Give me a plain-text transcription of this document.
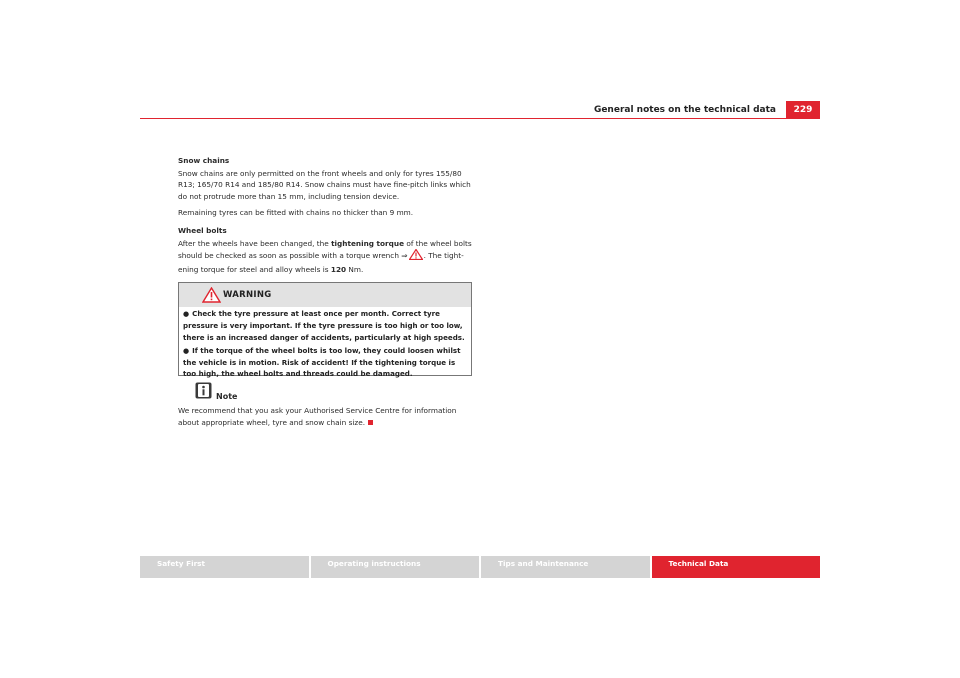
General notes on the technical data	229

Snow chains

Snow chains are only permitted on the front wheels and only for tyres 155/80 R13; 165/70 R14 and 185/80 R14. Snow chains must have fine-pitch links which do not protrude more than 15 mm, including tension device.

Remaining tyres can be fitted with chains no thicker than 9 mm.

Wheel bolts

After the wheels have been changed, the tightening torque of the wheel bolts should be checked as soon as possible with a torque wrench ⇒ . The tightening torque for steel and alloy wheels is 120 Nm.

WARNING

● Check the tyre pressure at least once per month. Correct tyre pressure is very important. If the tyre pressure is too high or too low, there is an increased danger of accidents, particularly at high speeds.

● If the torque of the wheel bolts is too low, they could loosen whilst the vehicle is in motion. Risk of accident! If the tightening torque is too high, the wheel bolts and threads could be damaged.

Note

We recommend that you ask your Authorised Service Centre for information about appropriate wheel, tyre and snow chain size.

Safety First	Operating instructions	Tips and Maintenance	Technical Data
